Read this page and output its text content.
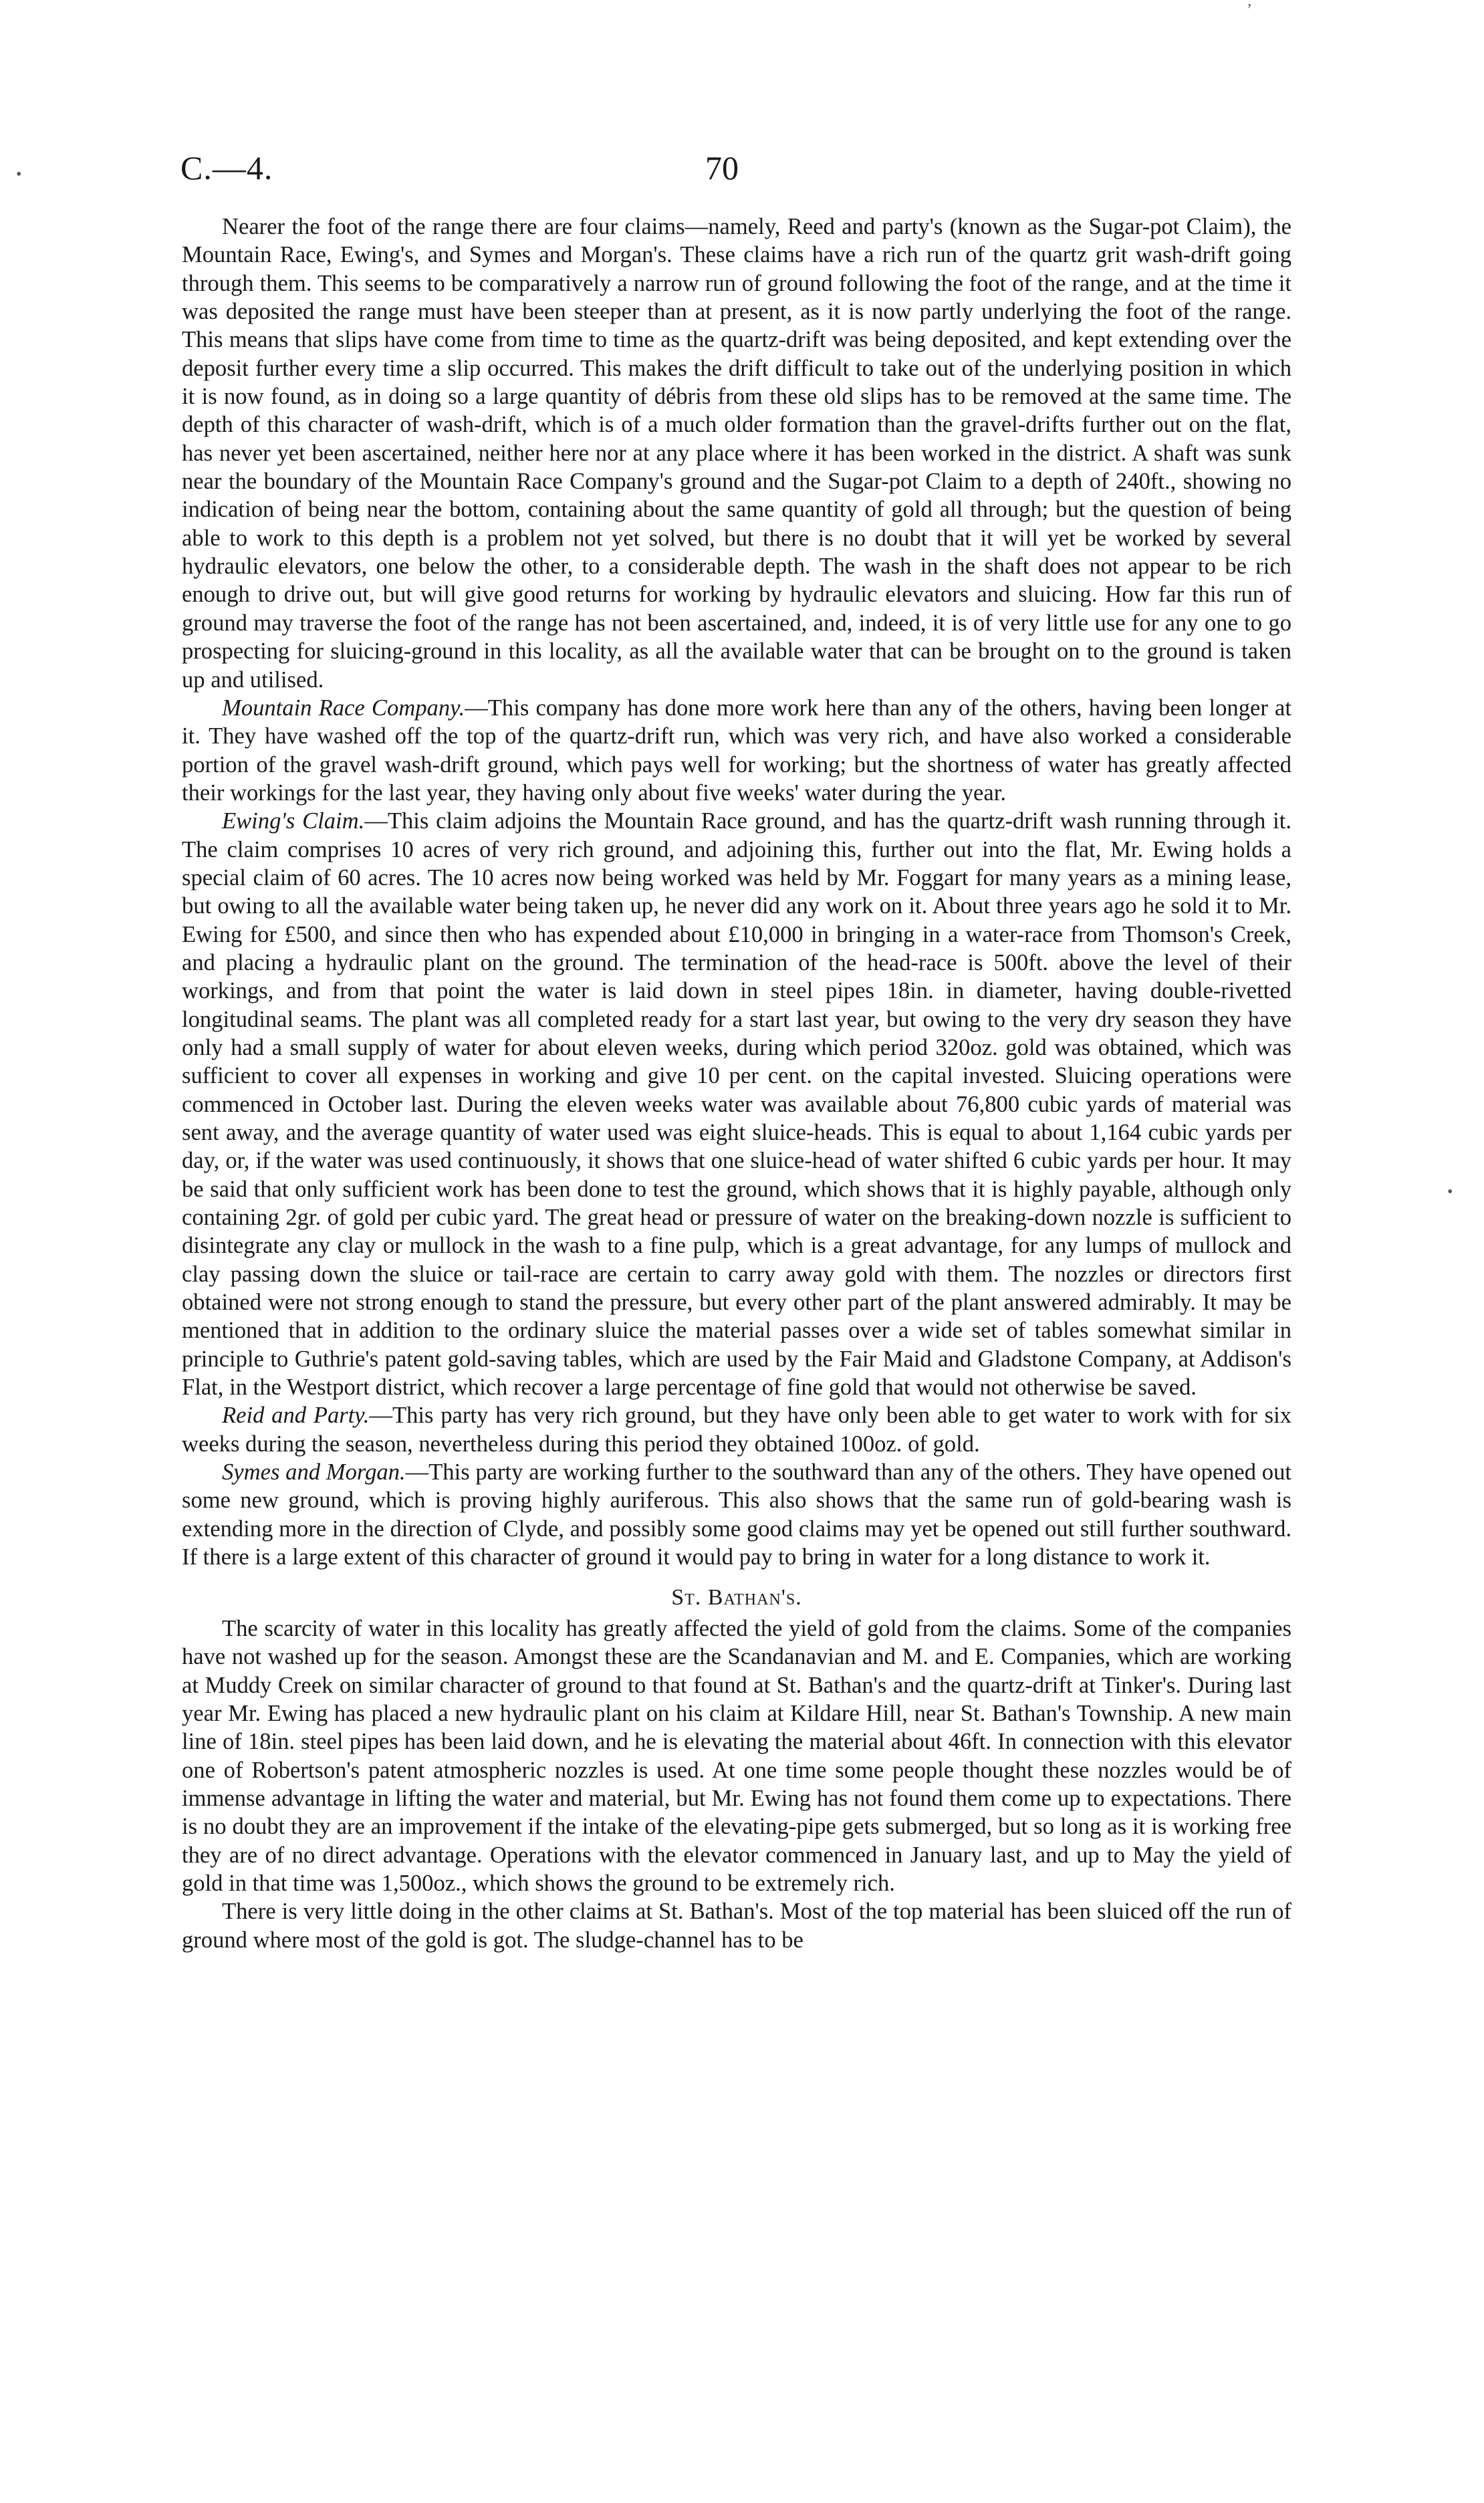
C.—4.	70
•
•
ʼ

Nearer the foot of the range there are four claims—namely, Reed and party's (known as the Sugar-pot Claim), the Mountain Race, Ewing's, and Symes and Morgan's. These claims have a rich run of the quartz grit wash-drift going through them. This seems to be comparatively a narrow run of ground following the foot of the range, and at the time it was deposited the range must have been steeper than at present, as it is now partly underlying the foot of the range. This means that slips have come from time to time as the quartz-drift was being deposited, and kept extending over the deposit further every time a slip occurred. This makes the drift difficult to take out of the underlying position in which it is now found, as in doing so a large quantity of débris from these old slips has to be removed at the same time. The depth of this character of wash-drift, which is of a much older formation than the gravel-drifts further out on the flat, has never yet been ascertained, neither here nor at any place where it has been worked in the district. A shaft was sunk near the boundary of the Mountain Race Company's ground and the Sugar-pot Claim to a depth of 240ft., showing no indication of being near the bottom, containing about the same quantity of gold all through; but the question of being able to work to this depth is a problem not yet solved, but there is no doubt that it will yet be worked by several hydraulic elevators, one below the other, to a considerable depth. The wash in the shaft does not appear to be rich enough to drive out, but will give good returns for working by hydraulic elevators and sluicing. How far this run of ground may traverse the foot of the range has not been ascertained, and, indeed, it is of very little use for any one to go prospecting for sluicing-ground in this locality, as all the available water that can be brought on to the ground is taken up and utilised.

Mountain Race Company.—This company has done more work here than any of the others, having been longer at it. They have washed off the top of the quartz-drift run, which was very rich, and have also worked a considerable portion of the gravel wash-drift ground, which pays well for working; but the shortness of water has greatly affected their workings for the last year, they having only about five weeks' water during the year.

Ewing's Claim.—This claim adjoins the Mountain Race ground, and has the quartz-drift wash running through it. The claim comprises 10 acres of very rich ground, and adjoining this, further out into the flat, Mr. Ewing holds a special claim of 60 acres. The 10 acres now being worked was held by Mr. Foggart for many years as a mining lease, but owing to all the available water being taken up, he never did any work on it. About three years ago he sold it to Mr. Ewing for £500, and since then who has expended about £10,000 in bringing in a water-race from Thomson's Creek, and placing a hydraulic plant on the ground. The termination of the head-race is 500ft. above the level of their workings, and from that point the water is laid down in steel pipes 18in. in diameter, having double-rivetted longitudinal seams. The plant was all completed ready for a start last year, but owing to the very dry season they have only had a small supply of water for about eleven weeks, during which period 320oz. gold was obtained, which was sufficient to cover all expenses in working and give 10 per cent. on the capital invested. Sluicing operations were commenced in October last. During the eleven weeks water was available about 76,800 cubic yards of material was sent away, and the average quantity of water used was eight sluice-heads. This is equal to about 1,164 cubic yards per day, or, if the water was used continuously, it shows that one sluice-head of water shifted 6 cubic yards per hour. It may be said that only sufficient work has been done to test the ground, which shows that it is highly payable, although only containing 2gr. of gold per cubic yard. The great head or pressure of water on the breaking-down nozzle is sufficient to disintegrate any clay or mullock in the wash to a fine pulp, which is a great advantage, for any lumps of mullock and clay passing down the sluice or tail-race are certain to carry away gold with them. The nozzles or directors first obtained were not strong enough to stand the pressure, but every other part of the plant answered admirably. It may be mentioned that in addition to the ordinary sluice the material passes over a wide set of tables somewhat similar in principle to Guthrie's patent gold-saving tables, which are used by the Fair Maid and Gladstone Company, at Addison's Flat, in the Westport district, which recover a large percentage of fine gold that would not otherwise be saved.

Reid and Party.—This party has very rich ground, but they have only been able to get water to work with for six weeks during the season, nevertheless during this period they obtained 100oz. of gold.

Symes and Morgan.—This party are working further to the southward than any of the others. They have opened out some new ground, which is proving highly auriferous. This also shows that the same run of gold-bearing wash is extending more in the direction of Clyde, and possibly some good claims may yet be opened out still further southward. If there is a large extent of this character of ground it would pay to bring in water for a long distance to work it.

St. Bathan's.

The scarcity of water in this locality has greatly affected the yield of gold from the claims. Some of the companies have not washed up for the season. Amongst these are the Scandanavian and M. and E. Companies, which are working at Muddy Creek on similar character of ground to that found at St. Bathan's and the quartz-drift at Tinker's. During last year Mr. Ewing has placed a new hydraulic plant on his claim at Kildare Hill, near St. Bathan's Township. A new main line of 18in. steel pipes has been laid down, and he is elevating the material about 46ft. In connection with this elevator one of Robertson's patent atmospheric nozzles is used. At one time some people thought these nozzles would be of immense advantage in lifting the water and material, but Mr. Ewing has not found them come up to expectations. There is no doubt they are an improvement if the intake of the elevating-pipe gets submerged, but so long as it is working free they are of no direct advantage. Operations with the elevator commenced in January last, and up to May the yield of gold in that time was 1,500oz., which shows the ground to be extremely rich.

There is very little doing in the other claims at St. Bathan's. Most of the top material has been sluiced off the run of ground where most of the gold is got. The sludge-channel has to be
